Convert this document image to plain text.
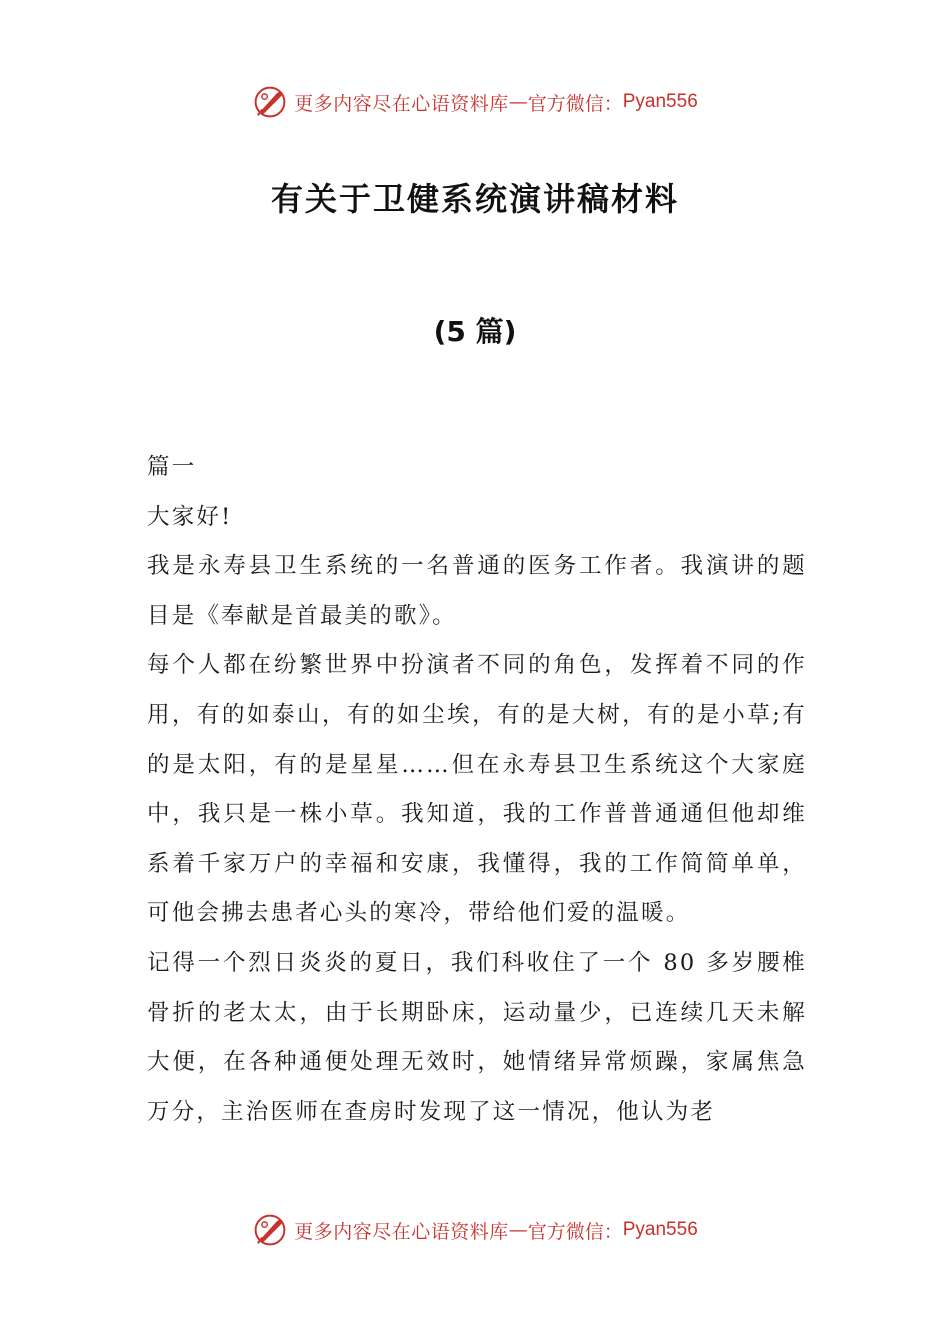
更多内容尽在心语资料库 — 官方微信： Pyan556
有关于卫健系统演讲稿材料
(5 篇)

篇一

大家好!

我是永寿县卫生系统的一名普通的医务工作者。我演讲的题目是《奉献是首最美的歌》。

每个人都在纷繁世界中扮演者不同的角色，发挥着不同的作用，有的如泰山，有的如尘埃，有的是大树，有的是小草;有的是太阳，有的是星星……但在永寿县卫生系统这个大家庭中，我只是一株小草。我知道，我的工作普普通通但他却维系着千家万户的幸福和安康，我懂得，我的工作简简单单，可他会拂去患者心头的寒冷，带给他们爱的温暖。

记得一个烈日炎炎的夏日，我们科收住了一个 80 多岁腰椎骨折的老太太，由于长期卧床，运动量少，已连续几天未解大便，在各种通便处理无效时，她情绪异常烦躁，家属焦急万分，主治医师在查房时发现了这一情况，他认为老

更多内容尽在心语资料库 — 官方微信： Pyan556
